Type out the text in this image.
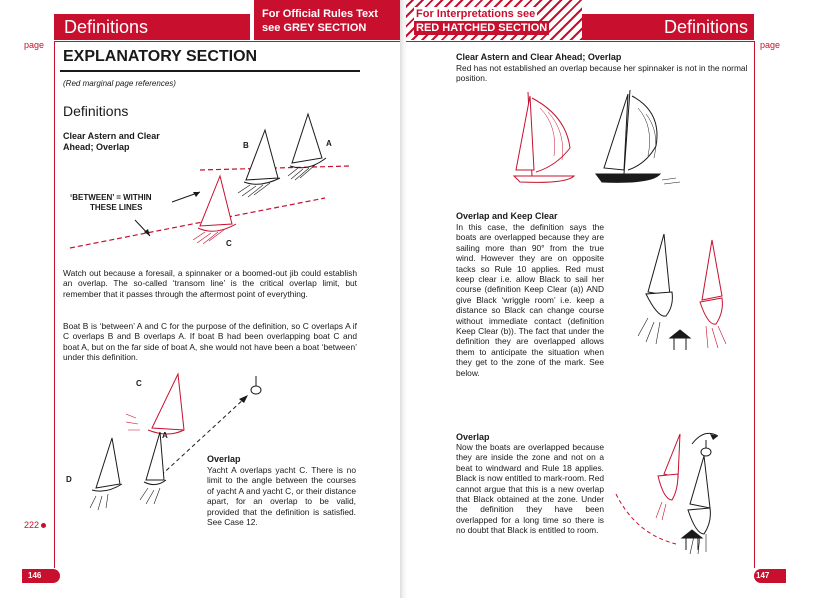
Definitions
For Official Rules Text
see GREY SECTION
page
EXPLANATORY SECTION
(Red marginal page references)
Definitions
Clear Astern and Clear
Ahead; Overlap	A
B
C
‘BETWEEN’ = WITHIN
THESE LINES
Watch out because a foresail, a spinnaker or a boomed-out jib could establish an overlap. The so-called ‘transom line’ is the critical overlap limit, but remember that it passes through the aftermost point of everything.
Boat B is ‘between’ A and C for the purpose of the definition, so C overlaps A if C overlaps B and B overlaps A. If boat B had been overlapping boat C and boat A, but on the far side of boat A, she would not have been a boat ‘between’ under this definition.
C
A
D
Overlap
Yacht A overlaps yacht C. There is no limit to the angle between the courses of yacht A and yacht C, or their distance apart, for an overlap to be valid, provided that the definition is satisfied. See Case 12.
222
146
For Interpretations see RED HATCHED SECTION	Definitions
page
Clear Astern and Clear Ahead; Overlap
Red has not established an overlap because her spinnaker is not in the normal position.
Overlap and Keep Clear
In this case, the definition says the boats are overlapped because they are sailing more than 90° from the true wind. However they are on opposite tacks so Rule 10 applies. Red must keep clear i.e. allow Black to sail her course (definition Keep Clear (a)) AND give Black ‘wriggle room’ i.e. keep a distance so Black can change course without immediate contact (definition Keep Clear (b)). The fact that under the definition they are overlapped allows them to anticipate the situation when they get to the zone of the mark. See below.
Overlap
Now the boats are overlapped because they are inside the zone and not on a beat to windward and Rule 18 applies. Black is now entitled to mark-room. Red cannot argue that this is a new overlap that Black obtained at the zone. Under the definition they have been overlapped for a long time so there is no doubt that Black is entitled to room.
147
